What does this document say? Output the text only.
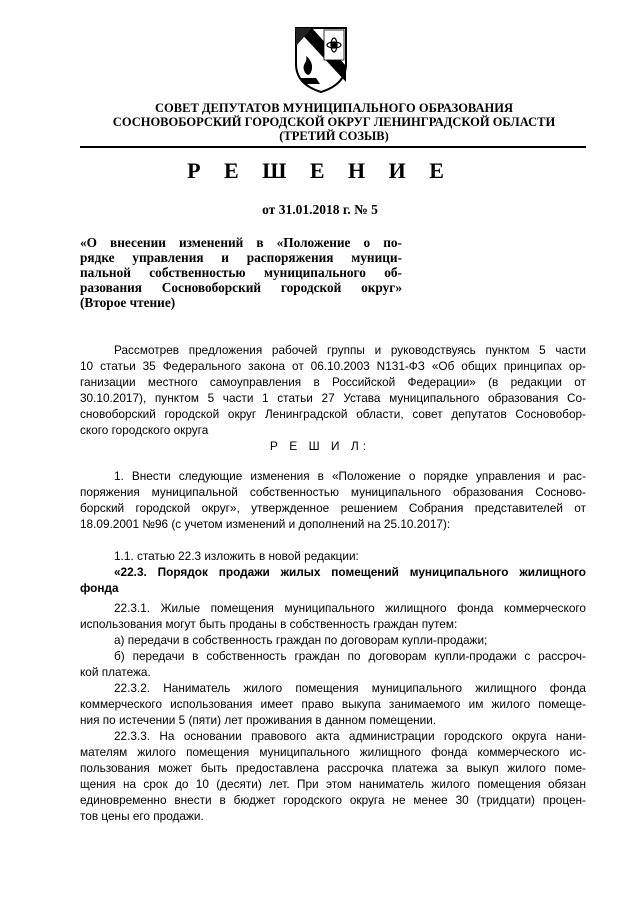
СОВЕТ ДЕПУТАТОВ МУНИЦИПАЛЬНОГО ОБРАЗОВАНИЯ
СОСНОВОБОРСКИЙ ГОРОДСКОЙ ОКРУГ ЛЕНИНГРАДСКОЙ ОБЛАСТИ
(ТРЕТИЙ СОЗЫВ)
Р Е Ш Е Н И Е
от 31.01.2018 г. № 5
«О внесении изменений в «Положение о по-
рядке управления и распоряжения муници-
пальной собственностью муниципального об-
разования Сосновоборский городской округ»
(Второе чтение)
Рассмотрев предложения рабочей группы и руководствуясь пунктом 5 части
10 статьи 35 Федерального закона от 06.10.2003 N131-ФЗ «Об общих принципах ор-
ганизации местного самоуправления в Российской Федерации» (в редакции от
30.10.2017), пунктом 5 части 1 статьи 27 Устава муниципального образования Со-
сновоборский городской округ Ленинградской области, совет депутатов Сосновобор-
ского городского округа
Р Е Ш И Л:
1. Внести следующие изменения в «Положение о порядке управления и рас-
поряжения муниципальной собственностью муниципального образования Сосново-
борский городской округ», утвержденное решением Собрания представителей от
18.09.2001 №96 (с учетом изменений и дополнений на 25.10.2017):
1.1. статью 22.3 изложить в новой редакции:
«22.3. Порядок продажи жилых помещений муниципального жилищного
фонда
22.3.1. Жилые помещения муниципального жилищного фонда коммерческого
использования могут быть проданы в собственность граждан путем:
а) передачи в собственность граждан по договорам купли-продажи;
б) передачи в собственность граждан по договорам купли-продажи с рассроч-
кой платежа.
22.3.2. Наниматель жилого помещения муниципального жилищного фонда
коммерческого использования имеет право выкупа занимаемого им жилого помеще-
ния по истечении 5 (пяти) лет проживания в данном помещении.
22.3.3. На основании правового акта администрации городского округа нани-
мателям жилого помещения муниципального жилищного фонда коммерческого ис-
пользования может быть предоставлена рассрочка платежа за выкуп жилого поме-
щения на срок до 10 (десяти) лет. При этом наниматель жилого помещения обязан
единовременно внести в бюджет городского округа не менее 30 (тридцати) процен-
тов цены его продажи.
